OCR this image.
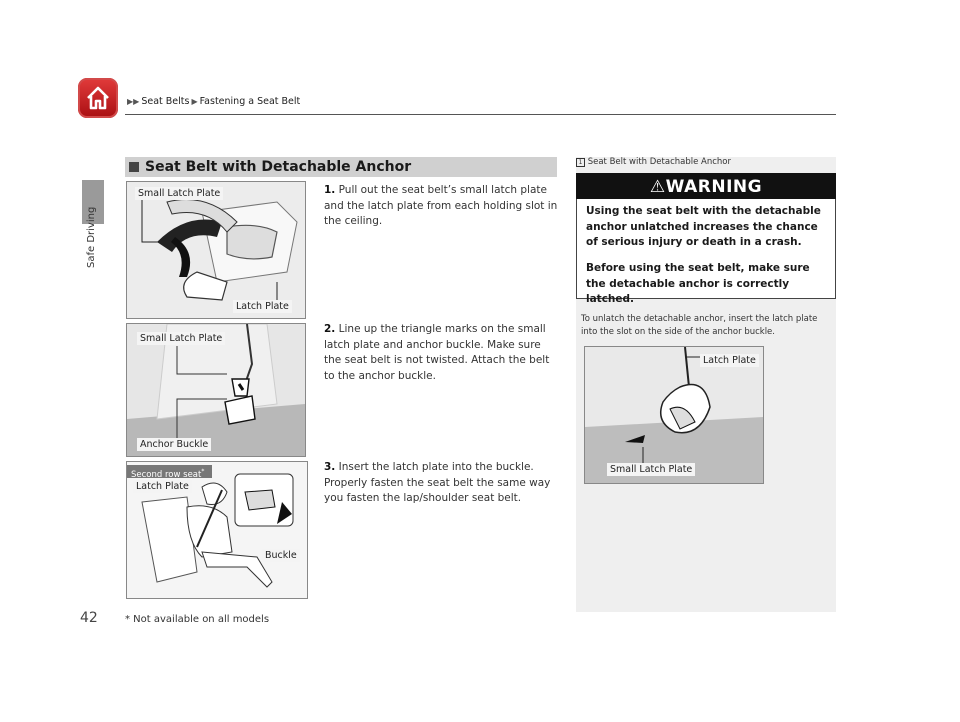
▶▶ Seat Belts ▶ Fastening a Seat Belt
Safe Driving
42
Seat Belt with Detachable Anchor
Small Latch Plate
Latch Plate
Small Latch Plate
Anchor Buckle
Second row seat*
Latch Plate
Buckle
1. Pull out the seat belt’s small latch plate and the latch plate from each holding slot in the ceiling.
2. Line up the triangle marks on the small latch plate and anchor buckle. Make sure the seat belt is not twisted. Attach the belt to the anchor buckle.
3. Insert the latch plate into the buckle. Properly fasten the seat belt the same way you fasten the lap/shoulder seat belt.
1 Seat Belt with Detachable Anchor
⚠WARNING
Using the seat belt with the detachable anchor unlatched increases the chance of serious injury or death in a crash.
Before using the seat belt, make sure the detachable anchor is correctly latched.
To unlatch the detachable anchor, insert the latch plate into the slot on the side of the anchor buckle.
Latch Plate
Small Latch Plate
* Not available on all models
